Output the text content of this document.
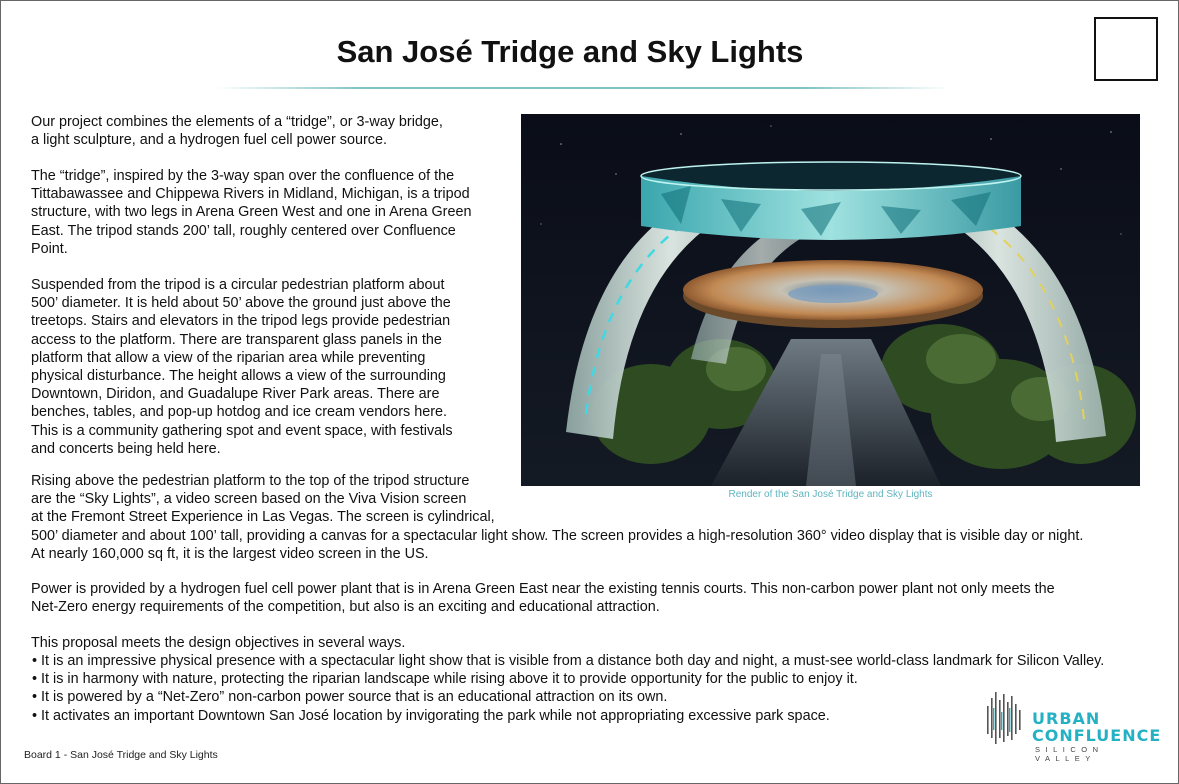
San José Tridge and Sky Lights

Our project combines the elements of a “tridge”, or 3-way bridge,
a light sculpture, and a hydrogen fuel cell power source.

The “tridge”, inspired by the 3-way span over the confluence of the
Tittabawassee and Chippewa Rivers in Midland, Michigan, is a tripod
structure, with two legs in Arena Green West and one in Arena Green
East. The tripod stands 200’ tall, roughly centered over Confluence
Point.

Suspended from the tripod is a circular pedestrian platform about
500’ diameter. It is held about 50’ above the ground just above the
treetops. Stairs and elevators in the tripod legs provide pedestrian
access to the platform. There are transparent glass panels in the
platform that allow a view of the riparian area while preventing
physical disturbance. The height allows a view of the surrounding
Downtown, Diridon, and Guadalupe River Park areas. There are
benches, tables, and pop-up hotdog and ice cream vendors here.
This is a community gathering spot and event space, with festivals
and concerts being held here.

Rising above the pedestrian platform to the top of the tripod structure
are the “Sky Lights”, a video screen based on the Viva Vision screen
at the Fremont Street Experience in Las Vegas. The screen is cylindrical,
500’ diameter and about 100’ tall, providing a canvas for a spectacular light show. The screen provides a high-resolution 360° video display that is visible day or night.
At nearly 160,000 sq ft, it is the largest video screen in the US.

Power is provided by a hydrogen fuel cell power plant that is in Arena Green East near the existing tennis courts. This non-carbon power plant not only meets the
Net-Zero energy requirements of the competition, but also is an exciting and educational attraction.

This proposal meets the design objectives in several ways.

• It is an impressive physical presence with a spectacular light show that is visible from a distance both day and night, a must-see world-class landmark for Silicon Valley.
• It is in harmony with nature, protecting the riparian landscape while rising above it to provide opportunity for the public to enjoy it.
• It is powered by a “Net-Zero” non-carbon power source that is an educational attraction on its own.
• It activates an important Downtown San José location by invigorating the park while not appropriating excessive park space.
Render of the San José Tridge and Sky Lights
Board 1 - San José Tridge and Sky Lights
URBAN
CONFLUENCE
SILICON VALLEY
